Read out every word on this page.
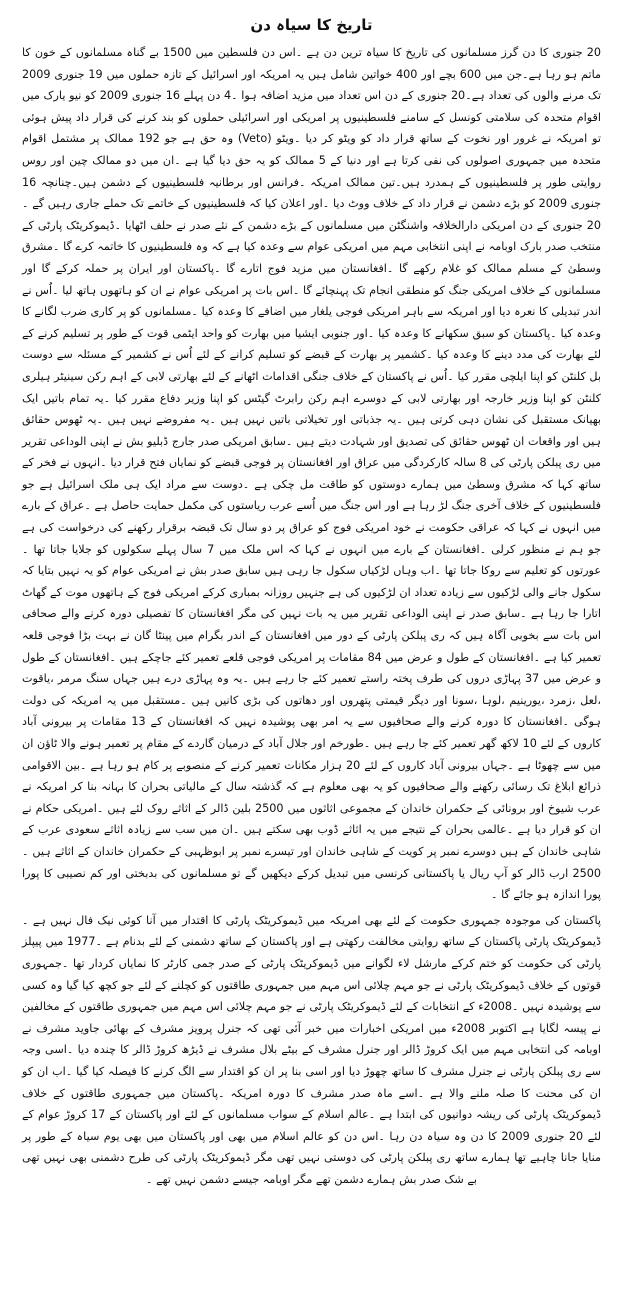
تاریخ کا سیاہ دن

20 جنوری کا دن گرز مسلمانوں کی تاریخ کا سیاہ ترین دن ہے ۔اس دن فلسطین میں 1500 بے گناہ مسلمانوں کے خون کا ماتم ہو رہا ہے۔جن میں 600 بچے اور 400 خواتین شامل ہیں یہ امریکہ اور اسرائیل کے تازہ حملوں میں 19 جنوری 2009 تک مرنے والوں کی تعداد ہے۔20 جنوری کے دن اس تعداد میں مزید اضافہ ہوا ۔4 دن پہلے 16 جنوری 2009 کو نیو یارک میں اقوام متحدہ کی سلامتی کونسل کے سامنے فلسطینیوں پر امریکی اور اسرائیلی حملوں کو بند کرنے کی قرار داد پیش ہوئی تو امریکہ نے غرور اور نخوت کے ساتھ قرار داد کو ویٹو کر دیا ۔ویٹو (Veto) وہ حق ہے جو 192 ممالک پر مشتمل اقوام متحدہ میں جمہوری اصولوں کی نفی کرتا ہے اور دنیا کے 5 ممالک کو یہ حق دیا گیا ہے ۔ان میں دو ممالک چین اور روس روایتی طور پر فلسطینیوں کے ہمدرد ہیں۔تین ممالک امریکہ ۔فرانس اور برطانیہ فلسطینیوں کے دشمن ہیں۔چنانچہ 16 جنوری 2009 کو بڑے دشمن نے قرار داد کے خلاف ووٹ دیا ۔اور اعلان کیا کہ فلسطینیوں کے خاتمے تک حملے جاری رہیں گے ۔20 جنوری کے دن امریکی دارالخلافہ واشنگٹن میں مسلمانوں کے بڑے دشمن کے نئے صدر نے حلف اٹھایا ۔ڈیموکریٹک پارٹی کے منتخب صدر بارک اوبامہ نے اپنی انتخابی مہم میں امریکی عوام سے وعدہ کیا ہے کہ وہ فلسطینیوں کا خاتمہ کرے گا ۔مشرق وسطیٰ کے مسلم ممالک کو غلام رکھے گا ۔افغانستان میں مزید فوج اتارے گا ۔پاکستان اور ایران پر حملہ کرکے گا اور مسلمانوں کے خلاف امریکی جنگ کو منطقی انجام تک پہنچائے گا ۔اس بات پر امریکی عوام نے ان کو ہاتھوں ہاتھ لیا ۔اُس نے اندر تبدیلی کا نعرہ دیا اور امریکہ سے باہر امریکی فوجی یلغار میں اضافے کا وعدہ کیا ۔مسلمانوں کو پر کاری ضرب لگانے کا وعدہ کیا ۔پاکستان کو سبق سکھانے کا وعدہ کیا ۔اور جنوبی ایشیا میں بھارت کو واحد ایٹمی قوت کے طور پر تسلیم کرنے کے لئے بھارت کی مدد دینے کا وعدہ کیا ۔کشمیر پر بھارت کے قبضے کو تسلیم کرانے کے لئے اُس نے کشمیر کے مسئلہ سے دوست بل کلنٹن کو اپنا ایلچی مقرر کیا ۔اُس نے پاکستان کے خلاف جنگی اقدامات اٹھانے کے لئے بھارتی لابی کے اہم رکن سینیٹر ہیلری کلنٹن کو اپنا وزیر خارجہ اور بھارتی لابی کے دوسرے اہم رکن رابرٹ گیٹس کو اپنا وزیر دفاع مقرر کیا ۔یہ تمام باتیں ایک بھیانک مستقبل کی نشان دہی کرتی ہیں ۔یہ جذباتی اور تخیلاتی باتیں نہیں ہیں ۔یہ مفروضے نہیں ہیں ۔یہ ٹھوس حقائق ہیں اور واقعات ان ٹھوس حقائق کی تصدیق اور شہادت دیتے ہیں ۔سابق امریکی صدر جارج ڈبلیو بش نے اپنی الوداعی تقریر میں ری پبلکن پارٹی کی 8 سالہ کارکردگی میں عراق اور افغانستان پر فوجی قبضے کو نمایاں فتح قرار دیا ۔انہوں نے فخر کے ساتھ کہا کہ مشرق وسطیٰ میں ہمارے دوستوں کو طاقت مل چکی ہے ۔دوست سے مراد ایک ہی ملک اسرائیل ہے جو فلسطینیوں کے خلاف آخری جنگ لڑ رہا ہے اور اس جنگ میں اُسے عرب ریاستوں کی مکمل حمایت حاصل ہے ۔عراق کے بارے میں انہوں نے کہا کہ عراقی حکومت نے خود امریکی فوج کو عراق پر دو سال تک قبضہ برقرار رکھنے کی درخواست کی ہے جو ہم نے منظور کرلی ۔افغانستان کے بارے میں انہوں نے کہا کہ اس ملک میں 7 سال پہلے سکولوں کو جلایا جاتا تھا ۔عورتوں کو تعلیم سے روکا جاتا تھا ۔اب وہاں لڑکیاں سکول جا رہی ہیں سابق صدر بش نے امریکی عوام کو یہ نہیں بتایا کہ سکول جانے والی لڑکیوں سے زیادہ تعداد ان لڑکیوں کی ہے جنہیں روزانہ بمباری کرکے امریکی فوج کے ہاتھوں موت کے گھاٹ اتارا جا رہا ہے ۔سابق صدر نے اپنی الوداعی تقریر میں یہ بات نہیں کی مگر افغانستان کا تفصیلی دورہ کرنے والے صحافی اس بات سے بخوبی آگاہ ہیں کہ ری پبلکن پارٹی کے دور میں افغانستان کے اندر بگرام میں پینٹا گان نے بہت بڑا فوجی قلعہ تعمیر کیا ہے ۔افغانستان کے طول و عرض میں 84 مقامات پر امریکی فوجی قلعے تعمیر کئے جاچکے ہیں ۔افغانستان کے طول و عرض میں 37 پہاڑی دروں کی طرف پختہ راستے تعمیر کئے جا رہے ہیں ۔یہ وہ پہاڑی درے ہیں جہاں سنگ مرمر ،یاقوت ،لعل ،زمرد ،یورینیم ،لوہا ،سونا اور دیگر قیمتی پتھروں اور دھاتوں کی بڑی کانیں ہیں ۔مستقبل میں یہ امریکہ کی دولت ہوگی ۔افغانستان کا دورہ کرنے والے صحافیوں سے یہ امر بھی پوشیدہ نہیں کہ افغانستان کے 13 مقامات پر بیرونی آباد کاروں کے لئے 10 لاکھ گھر تعمیر کئے جا رہے ہیں ۔طورخم اور جلال آباد کے درمیان گاردے کے مقام پر تعمیر ہونے والا ٹاؤن ان میں سے چھوٹا ہے ۔جہاں بیرونی آباد کاروں کے لئے 20 ہزار مکانات تعمیر کرنے کے منصوبے پر کام ہو رہا ہے ۔بین الاقوامی ذرائع ابلاغ تک رسائی رکھنے والے صحافیوں کو یہ بھی معلوم ہے کہ گذشتہ سال کے مالیاتی بحران کا بہانہ بنا کر امریکہ نے عرب شیوخ اور برونائی کے حکمران خاندان کے مجموعی اثاثوں میں 2500 بلین ڈالر کے اثاثے روک لئے ہیں ۔امریکی حکام نے ان کو قرار دیا ہے ۔عالمی بحران کے نتیجے میں یہ اثاثے ڈوب بھی سکتے ہیں ۔ان میں سب سے زیادہ اثاثے سعودی عرب کے شاہی خاندان کے ہیں دوسرے نمبر پر کویت کے شاہی خاندان اور تیسرے نمبر پر ابوظہبی کے حکمران خاندان کے اثاثے ہیں ۔2500 ارب ڈالر کو آپ ریال یا پاکستانی کرنسی میں تبدیل کرکے دیکھیں گے تو مسلمانوں کی بدبختی اور کم نصیبی کا پورا پورا اندازہ ہو جائے گا ۔

پاکستان کی موجودہ جمہوری حکومت کے لئے بھی امریکہ میں ڈیموکریٹک پارٹی کا اقتدار میں آنا کوئی نیک فال نہیں ہے ۔ڈیموکریٹک پارٹی پاکستان کے ساتھ روایتی مخالفت رکھتی ہے اور پاکستان کے ساتھ دشمنی کے لئے بدنام ہے ۔1977 میں پیپلز پارٹی کی حکومت کو ختم کرکے مارشل لاء لگوانے میں ڈیموکریٹک پارٹی کے صدر جمی کارٹر کا نمایاں کردار تھا ۔جمہوری قوتوں کے خلاف ڈیموکریٹک پارٹی نے جو مہم چلائی اس مہم میں جمہوری طاقتوں کو کچلنے کے لئے جو کچھ کیا گیا وہ کسی سے پوشیدہ نہیں ۔2008ء کے انتخابات کے لئے ڈیموکریٹک پارٹی نے جو مہم چلائی اس مہم میں جمہوری طاقتوں کے مخالفین نے پیسہ لگایا ہے اکتوبر 2008ء میں امریکی اخبارات میں خبر آئی تھی کہ جنرل پرویز مشرف کے بھائی جاوید مشرف نے اوبامہ کی انتخابی مہم میں ایک کروڑ ڈالر اور جنرل مشرف کے بیٹے بلال مشرف نے ڈیڑھ کروڑ ڈالر کا چندہ دیا ۔اسی وجہ سے ری پبلکن پارٹی نے جنرل مشرف کا ساتھ چھوڑ دیا اور اسی بنا پر ان کو اقتدار سے الگ کرنے کا فیصلہ کیا گیا ۔اب ان کو ان کی محنت کا صلہ ملنے والا ہے ۔اسے ماہ صدر مشرف کا دورہ امریکہ ۔پاکستان میں جمہوری طاقتوں کے خلاف ڈیموکریٹک پارٹی کی ریشہ دوانیوں کی ابتدا ہے ۔عالم اسلام کے سواب مسلمانوں کے لئے اور پاکستان کے 17 کروڑ عوام کے لئے 20 جنوری 2009 کا دن وہ سیاہ دن رہا ۔اس دن کو عالم اسلام میں بھی اور پاکستان میں بھی یوم سیاہ کے طور پر منایا جانا چاہیے تھا ہمارے ساتھ ری پبلکن پارٹی کی دوستی نہیں تھی مگر ڈیموکریٹک پارٹی کی طرح دشمنی بھی نہیں تھی بے شک صدر بش ہمارے دشمن تھے مگر اوبامہ جیسے دشمن نہیں تھے ۔
